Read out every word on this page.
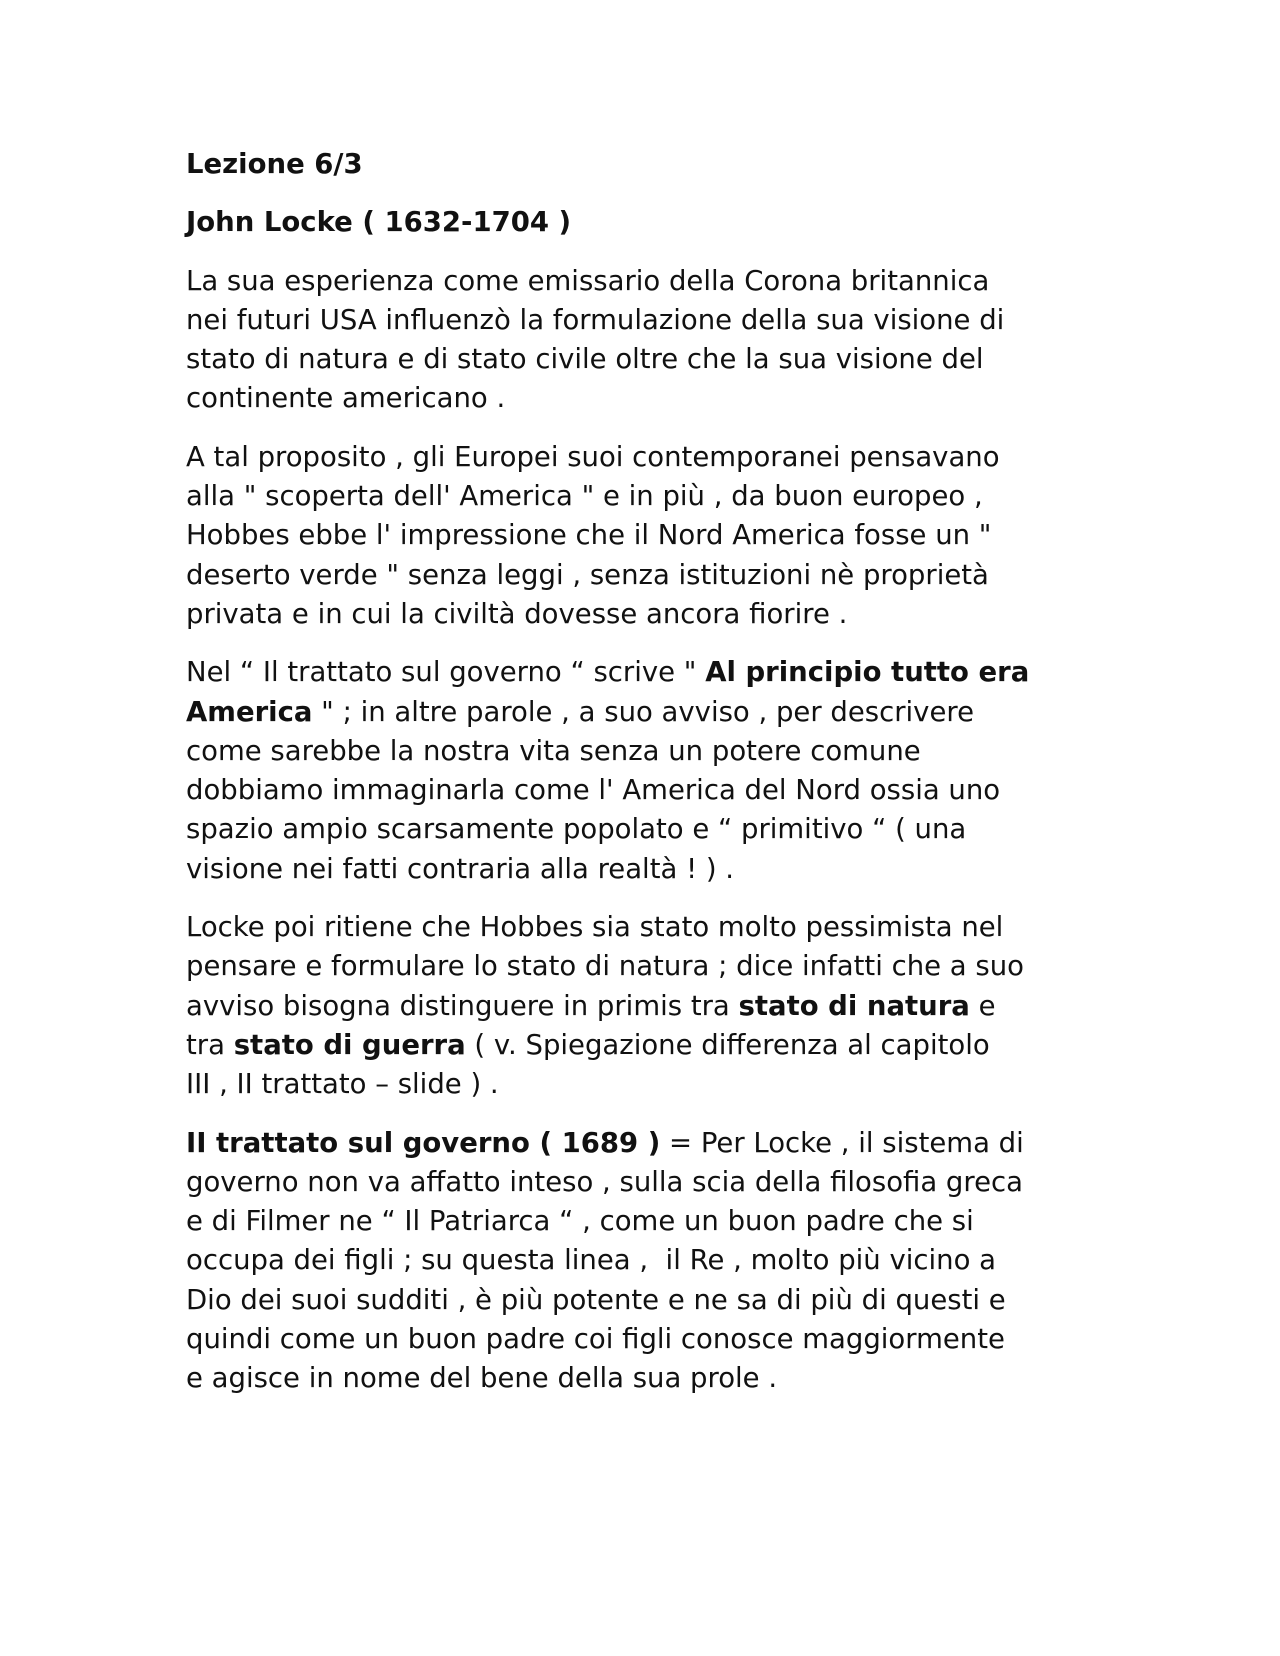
Lezione 6/3

John Locke ( 1632-1704 )

La sua esperienza come emissario della Corona britannica
nei futuri USA influenzò la formulazione della sua visione di
stato di natura e di stato civile oltre che la sua visione del
continente americano .

A tal proposito , gli Europei suoi contemporanei pensavano
alla " scoperta dell' America " e in più , da buon europeo ,
Hobbes ebbe l' impressione che il Nord America fosse un "
deserto verde " senza leggi , senza istituzioni nè proprietà
privata e in cui la civiltà dovesse ancora fiorire .

Nel “ Il trattato sul governo “ scrive " Al principio tutto era
America " ; in altre parole , a suo avviso , per descrivere
come sarebbe la nostra vita senza un potere comune
dobbiamo immaginarla come l' America del Nord ossia uno
spazio ampio scarsamente popolato e “ primitivo “ ( una
visione nei fatti contraria alla realtà ! ) .

Locke poi ritiene che Hobbes sia stato molto pessimista nel
pensare e formulare lo stato di natura ; dice infatti che a suo
avviso bisogna distinguere in primis tra stato di natura e
tra stato di guerra ( v. Spiegazione differenza al capitolo
III , II trattato – slide ) .

II trattato sul governo ( 1689 ) = Per Locke , il sistema di
governo non va affatto inteso , sulla scia della filosofia greca
e di Filmer ne “ Il Patriarca “ , come un buon padre che si
occupa dei figli ; su questa linea ,  il Re , molto più vicino a
Dio dei suoi sudditi , è più potente e ne sa di più di questi e
quindi come un buon padre coi figli conosce maggiormente
e agisce in nome del bene della sua prole .
